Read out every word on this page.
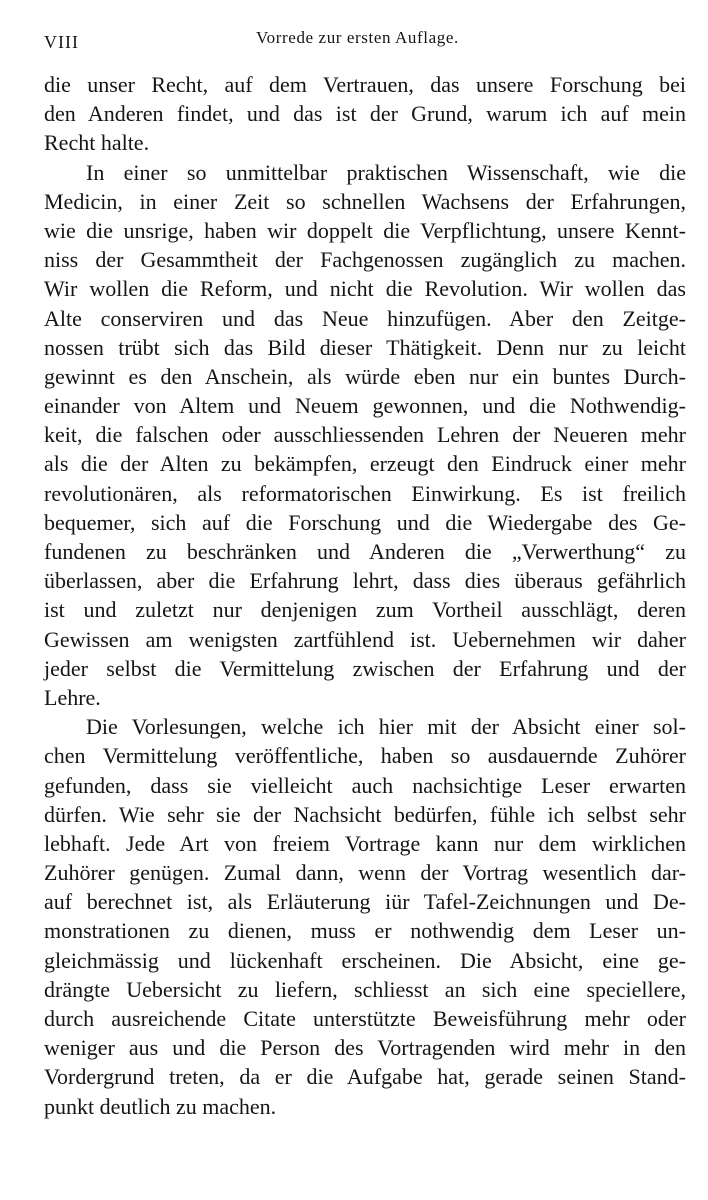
VIII	Vorrede zur ersten Auflage.
die unser Recht, auf dem Vertrauen, das unsere Forschung bei
den Anderen findet, und das ist der Grund, warum ich auf mein
Recht halte.
In einer so unmittelbar praktischen Wissenschaft, wie die
Medicin, in einer Zeit so schnellen Wachsens der Erfahrungen,
wie die unsrige, haben wir doppelt die Verpflichtung, unsere Kennt-
niss der Gesammtheit der Fachgenossen zugänglich zu machen.
Wir wollen die Reform, und nicht die Revolution. Wir wollen das
Alte conserviren und das Neue hinzufügen. Aber den Zeitge-
nossen trübt sich das Bild dieser Thätigkeit. Denn nur zu leicht
gewinnt es den Anschein, als würde eben nur ein buntes Durch-
einander von Altem und Neuem gewonnen, und die Nothwendig-
keit, die falschen oder ausschliessenden Lehren der Neueren mehr
als die der Alten zu bekämpfen, erzeugt den Eindruck einer mehr
revolutionären, als reformatorischen Einwirkung. Es ist freilich
bequemer, sich auf die Forschung und die Wiedergabe des Ge-
fundenen zu beschränken und Anderen die „Verwerthung“ zu
überlassen, aber die Erfahrung lehrt, dass dies überaus gefährlich
ist und zuletzt nur denjenigen zum Vortheil ausschlägt, deren
Gewissen am wenigsten zartfühlend ist. Uebernehmen wir daher
jeder selbst die Vermittelung zwischen der Erfahrung und der
Lehre.
Die Vorlesungen, welche ich hier mit der Absicht einer sol-
chen Vermittelung veröffentliche, haben so ausdauernde Zuhörer
gefunden, dass sie vielleicht auch nachsichtige Leser erwarten
dürfen. Wie sehr sie der Nachsicht bedürfen, fühle ich selbst sehr
lebhaft. Jede Art von freiem Vortrage kann nur dem wirklichen
Zuhörer genügen. Zumal dann, wenn der Vortrag wesentlich dar-
auf berechnet ist, als Erläuterung iür Tafel-Zeichnungen und De-
monstrationen zu dienen, muss er nothwendig dem Leser un-
gleichmässig und lückenhaft erscheinen. Die Absicht, eine ge-
drängte Uebersicht zu liefern, schliesst an sich eine speciellere,
durch ausreichende Citate unterstützte Beweisführung mehr oder
weniger aus und die Person des Vortragenden wird mehr in den
Vordergrund treten, da er die Aufgabe hat, gerade seinen Stand-
punkt deutlich zu machen.
